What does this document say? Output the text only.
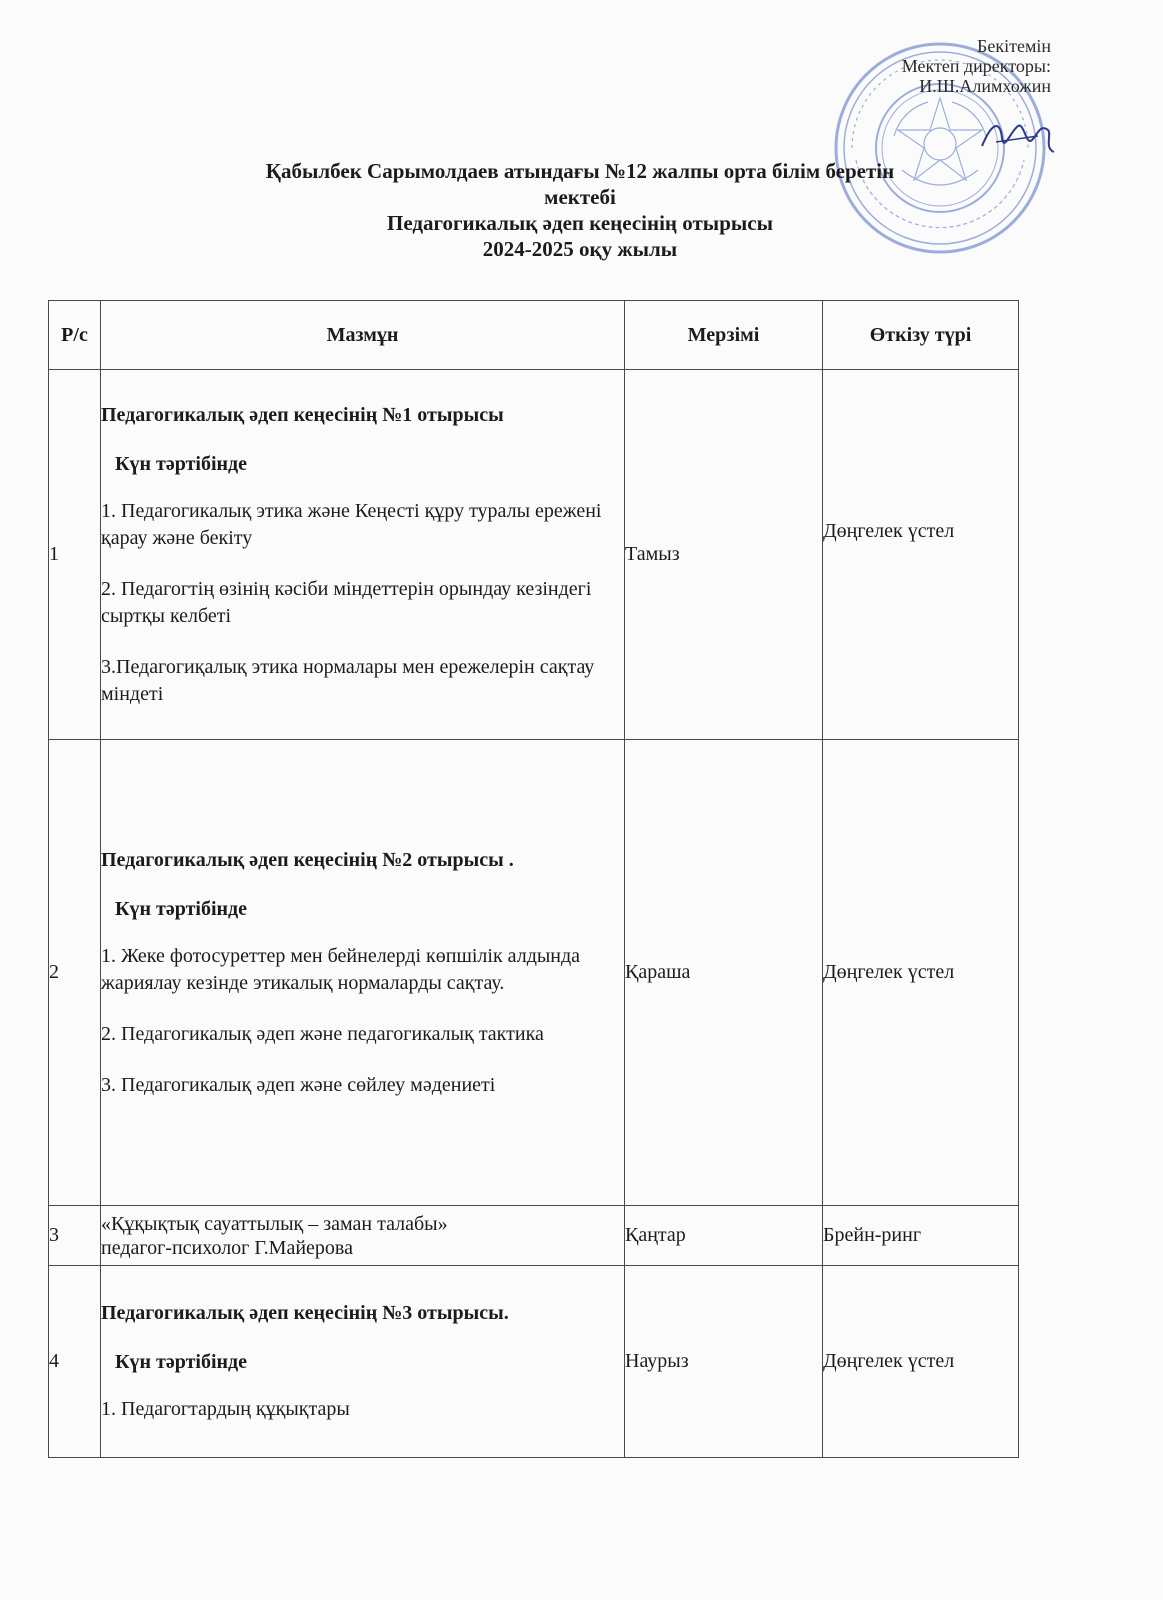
Бекітемін
Мектеп директоры:
И.Ш.Алимхожин
Қабылбек Сарымолдаев атындағы №12 жалпы орта білім беретін
мектебі
Педагогикалық әдеп кеңесінің отырысы
2024-2025 оқу жылы
Р/с	Мазмұн	Мерзімі	Өткізу түрі
1	Педагогикалық әдеп кеңесінің №1 отырысы
Күн тәртібінде
1. Педагогикалық этика және Кеңесті құру туралы ережені қарау және бекіту
2. Педагогтің өзінің кәсіби міндеттерін орындау кезіндегі сыртқы келбеті
3.Педагогиқалық этика нормалары мен ережелерін сақтау міндеті	Тамыз	Дөңгелек үстел
2	Педагогикалық әдеп кеңесінің №2 отырысы .
Күн тәртібінде
1. Жеке фотосуреттер мен бейнелерді көпшілік алдында жариялау кезінде этикалық нормаларды сақтау.
2. Педагогикалық әдеп және педагогикалық тактика
3. Педагогикалық әдеп және сөйлеу мәдениеті	Қараша	Дөңгелек үстел
3	«Құқықтық сауаттылық – заман талабы»
педагог-психолог Г.Майерова	Қаңтар	Брейн-ринг
4	Педагогикалық әдеп кеңесінің №3 отырысы.
Күн тәртібінде
1. Педагогтардың құқықтары	Наурыз	Дөңгелек үстел
